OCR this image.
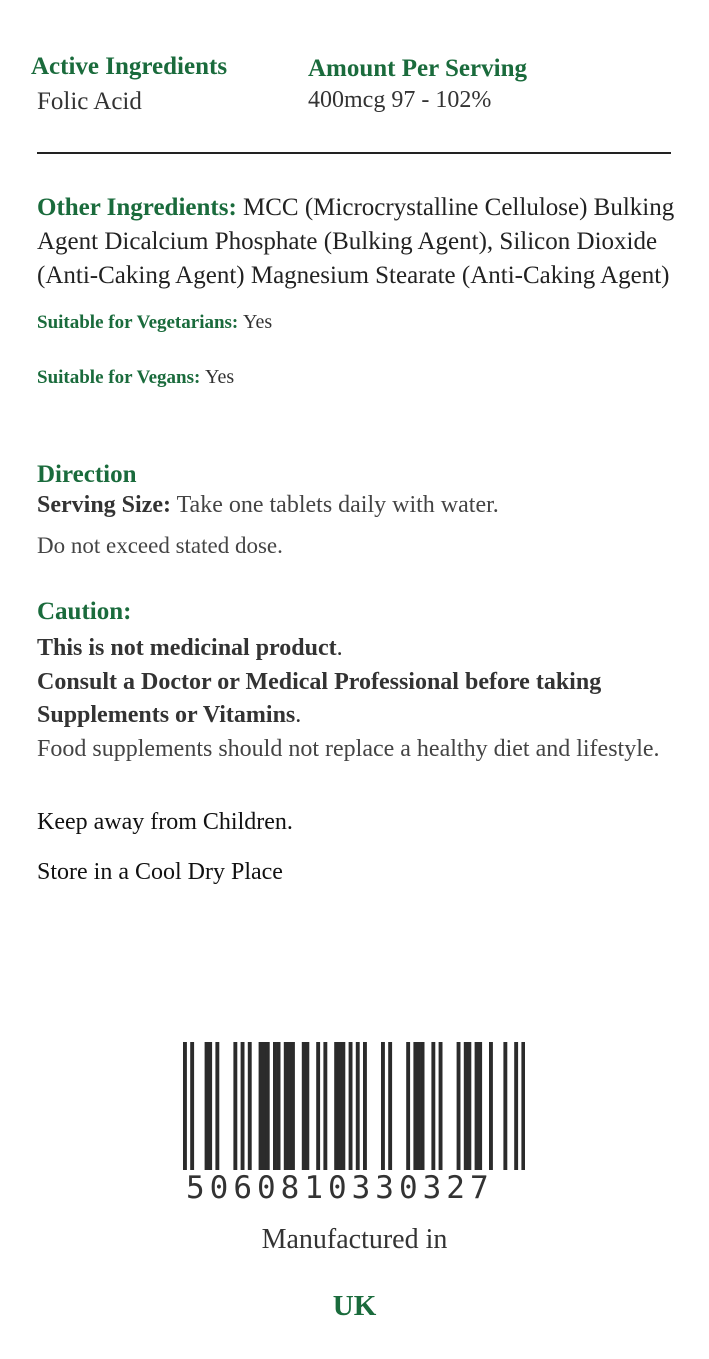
Active Ingredients	Amount Per Serving
Folic Acid	400mcg 97 - 102%
Other Ingredients: MCC (Microcrystalline Cellulose) Bulking Agent Dicalcium Phosphate (Bulking Agent), Silicon Dioxide (Anti-Caking Agent) Magnesium Stearate (Anti-Caking Agent)
Suitable for Vegetarians: Yes
Suitable for Vegans: Yes
Direction
Serving Size: Take one tablets daily with water.
Do not exceed stated dose.
Caution:
This is not medicinal product.
Consult a Doctor or Medical Professional before taking
Supplements or Vitamins.
Food supplements should not replace a healthy diet and lifestyle.
Keep away from Children.
Store in a Cool Dry Place
5060810330327
Manufactured in
UK
